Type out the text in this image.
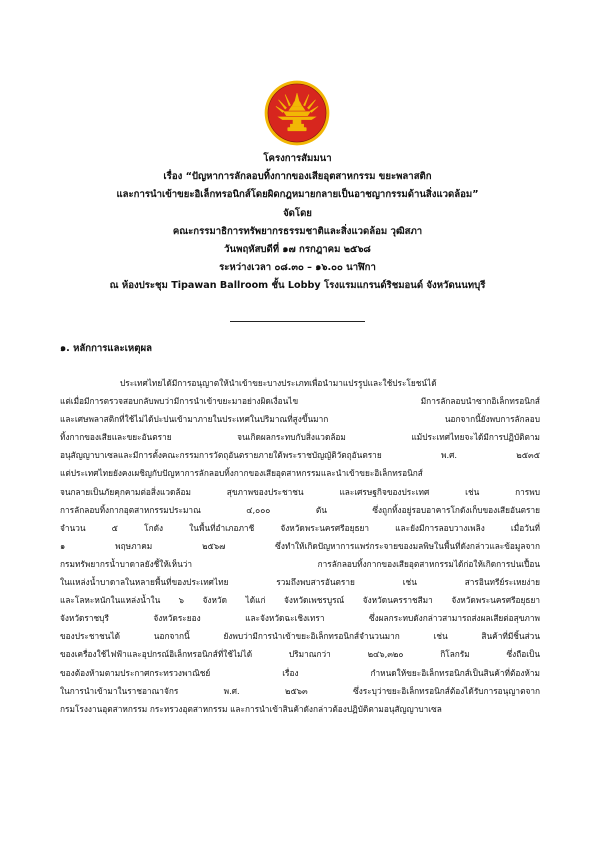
โครงการสัมมนา
เรื่อง “ปัญหาการลักลอบทิ้งกากของเสียอุตสาหกรรม ขยะพลาสติก
และการนำเข้าขยะอิเล็กทรอนิกส์โดยผิดกฎหมายกลายเป็นอาชญากรรมด้านสิ่งแวดล้อม”
จัดโดย
คณะกรรมาธิการทรัพยากรธรรมชาติและสิ่งแวดล้อม วุฒิสภา
วันพฤหัสบดีที่ ๑๗ กรกฎาคม ๒๕๖๘
ระหว่างเวลา ๐๘.๓๐ – ๑๖.๐๐ นาฬิกา
ณ ห้องประชุม Tipawan Ballroom ชั้น Lobby โรงแรมแกรนด์ริชมอนด์ จังหวัดนนทบุรี
๑. หลักการและเหตุผล
ประเทศไทยได้มีการอนุญาตให้นำเข้าขยะบางประเภทเพื่อนำมาแปรรูปและใช้ประโยชน์ได้
แต่เมื่อมีการตรวจสอบกลับพบว่ามีการนำเข้าขยะมาอย่างผิดเงื่อนไข มีการลักลอบนำซากอิเล็กทรอนิกส์
และเศษพลาสติกที่ใช้ไม่ได้ปะปนเข้ามาภายในประเทศในปริมาณที่สูงขึ้นมาก นอกจากนี้ยังพบการลักลอบ
ทิ้งกากของเสียและขยะอันตราย จนเกิดผลกระทบกับสิ่งแวดล้อม แม้ประเทศไทยจะได้มีการปฏิบัติตาม
อนุสัญญาบาเซลและมีการตั้งคณะกรรมการวัตถุอันตรายภายใต้พระราชบัญญัติวัตถุอันตราย พ.ศ. ๒๕๓๕
แต่ประเทศไทยยังคงเผชิญกับปัญหาการลักลอบทิ้งกากของเสียอุตสาหกรรมและนำเข้าขยะอิเล็กทรอนิกส์
จนกลายเป็นภัยคุกคามต่อสิ่งแวดล้อม สุขภาพของประชาชน และเศรษฐกิจของประเทศ เช่น การพบ
การลักลอบทิ้งกากอุตสาหกรรมประมาณ ๔,๐๐๐ ตัน ซึ่งถูกทิ้งอยู่รอบอาคารโกดังเก็บของเสียอันตราย
จำนวน ๕ โกดัง ในพื้นที่อำเภอภาชี จังหวัดพระนครศรีอยุธยา และยังมีการลอบวางเพลิง เมื่อวันที่
๑ พฤษภาคม ๒๕๖๗ ซึ่งทำให้เกิดปัญหาการแพร่กระจายของมลพิษในพื้นที่ดังกล่าวและข้อมูลจาก
กรมทรัพยากรน้ำบาดาลยังชี้ให้เห็นว่า การลักลอบทิ้งกากของเสียอุตสาหกรรมได้ก่อให้เกิดการปนเปื้อน
ในแหล่งน้ำบาดาลในหลายพื้นที่ของประเทศไทย รวมถึงพบสารอันตราย เช่น สารอินทรีย์ระเหยง่าย
และโลหะหนักในแหล่งน้ำใน ๖ จังหวัด ได้แก่ จังหวัดเพชรบูรณ์ จังหวัดนครราชสีมา จังหวัดพระนครศรีอยุธยา
จังหวัดราชบุรี จังหวัดระยอง และจังหวัดฉะเชิงเทรา ซึ่งผลกระทบดังกล่าวสามารถส่งผลเสียต่อสุขภาพ
ของประชาชนได้ นอกจากนี้ ยังพบว่ามีการนำเข้าขยะอิเล็กทรอนิกส์จำนวนมาก เช่น สินค้าที่มีชิ้นส่วน
ของเครื่องใช้ไฟฟ้าและอุปกรณ์อิเล็กทรอนิกส์ที่ใช้ไม่ได้ ปริมาณกว่า ๒๔๖,๓๒๐ กิโลกรัม ซึ่งถือเป็น
ของต้องห้ามตามประกาศกระทรวงพาณิชย์ เรื่อง กำหนดให้ขยะอิเล็กทรอนิกส์เป็นสินค้าที่ต้องห้าม
ในการนำเข้ามาในราชอาณาจักร พ.ศ. ๒๕๖๓ ซึ่งระบุว่าขยะอิเล็กทรอนิกส์ต้องได้รับการอนุญาตจาก
กรมโรงงานอุตสาหกรรม กระทรวงอุตสาหกรรม และการนำเข้าสินค้าดังกล่าวต้องปฏิบัติตามอนุสัญญาบาเซล
